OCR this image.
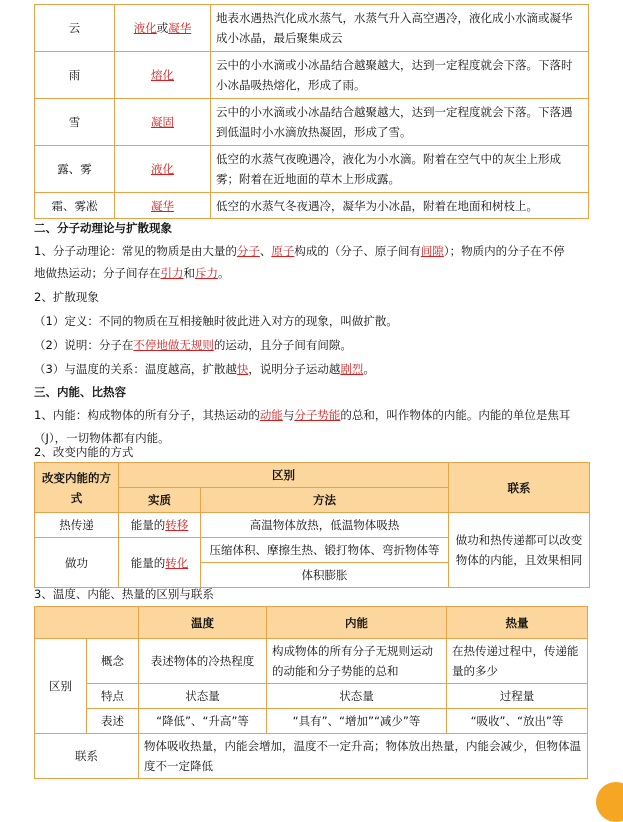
云	液化或凝华	地表水遇热汽化成水蒸气，水蒸气升入高空遇冷，液化成小水滴或凝华成小冰晶，最后聚集成云
雨	熔化	云中的小水滴或小冰晶结合越聚越大，达到一定程度就会下落。下落时小冰晶吸热熔化，形成了雨。
雪	凝固	云中的小水滴或小冰晶结合越聚越大，达到一定程度就会下落。下落遇到低温时小水滴放热凝固，形成了雪。
露、雾	液化	低空的水蒸气夜晚遇冷，液化为小水滴。附着在空气中的灰尘上形成雾；附着在近地面的草木上形成露。
霜、雾凇	凝华	低空的水蒸气冬夜遇冷，凝华为小冰晶，附着在地面和树枝上。
二、分子动理论与扩散现象
1、分子动理论：常见的物质是由大量的分子、原子构成的（分子、原子间有间隙）；物质内的分子在不停
地做热运动；分子间存在引力和斥力。
2、扩散现象
（1）定义：不同的物质在互相接触时彼此进入对方的现象，叫做扩散。
（2）说明：分子在不停地做无规则的运动，且分子间有间隙。
（3）与温度的关系：温度越高，扩散越快，说明分子运动越剧烈。
三、内能、比热容
1、内能：构成物体的所有分子，其热运动的动能与分子势能的总和，叫作物体的内能。内能的单位是焦耳
（J），一切物体都有内能。
2、改变内能的方式
改变内能的方
式	区别		联系
	实质	方法	
热传递	能量的转移	高温物体放热，低温物体吸热	做功和热传递都可以改变物体的内能，且效果相同
做功	能量的转化	压缩体积、摩擦生热、锻打物体、弯折物体等	
		体积膨胀	
3、温度、内能、热量的区别与联系
		温度	内能	热量
区别	概念	表述物体的冷热程度	构成物体的所有分子无规则运动的动能和分子势能的总和	在热传递过程中，传递能量的多少
	特点	状态量	状态量	过程量
	表述	“降低”、“升高”等	“具有”、“增加”“减少”等	“吸收”、“放出”等
联系		物体吸收热量，内能会增加，温度不一定升高；物体放出热量，内能会减少，但物体温度不一定降低		
